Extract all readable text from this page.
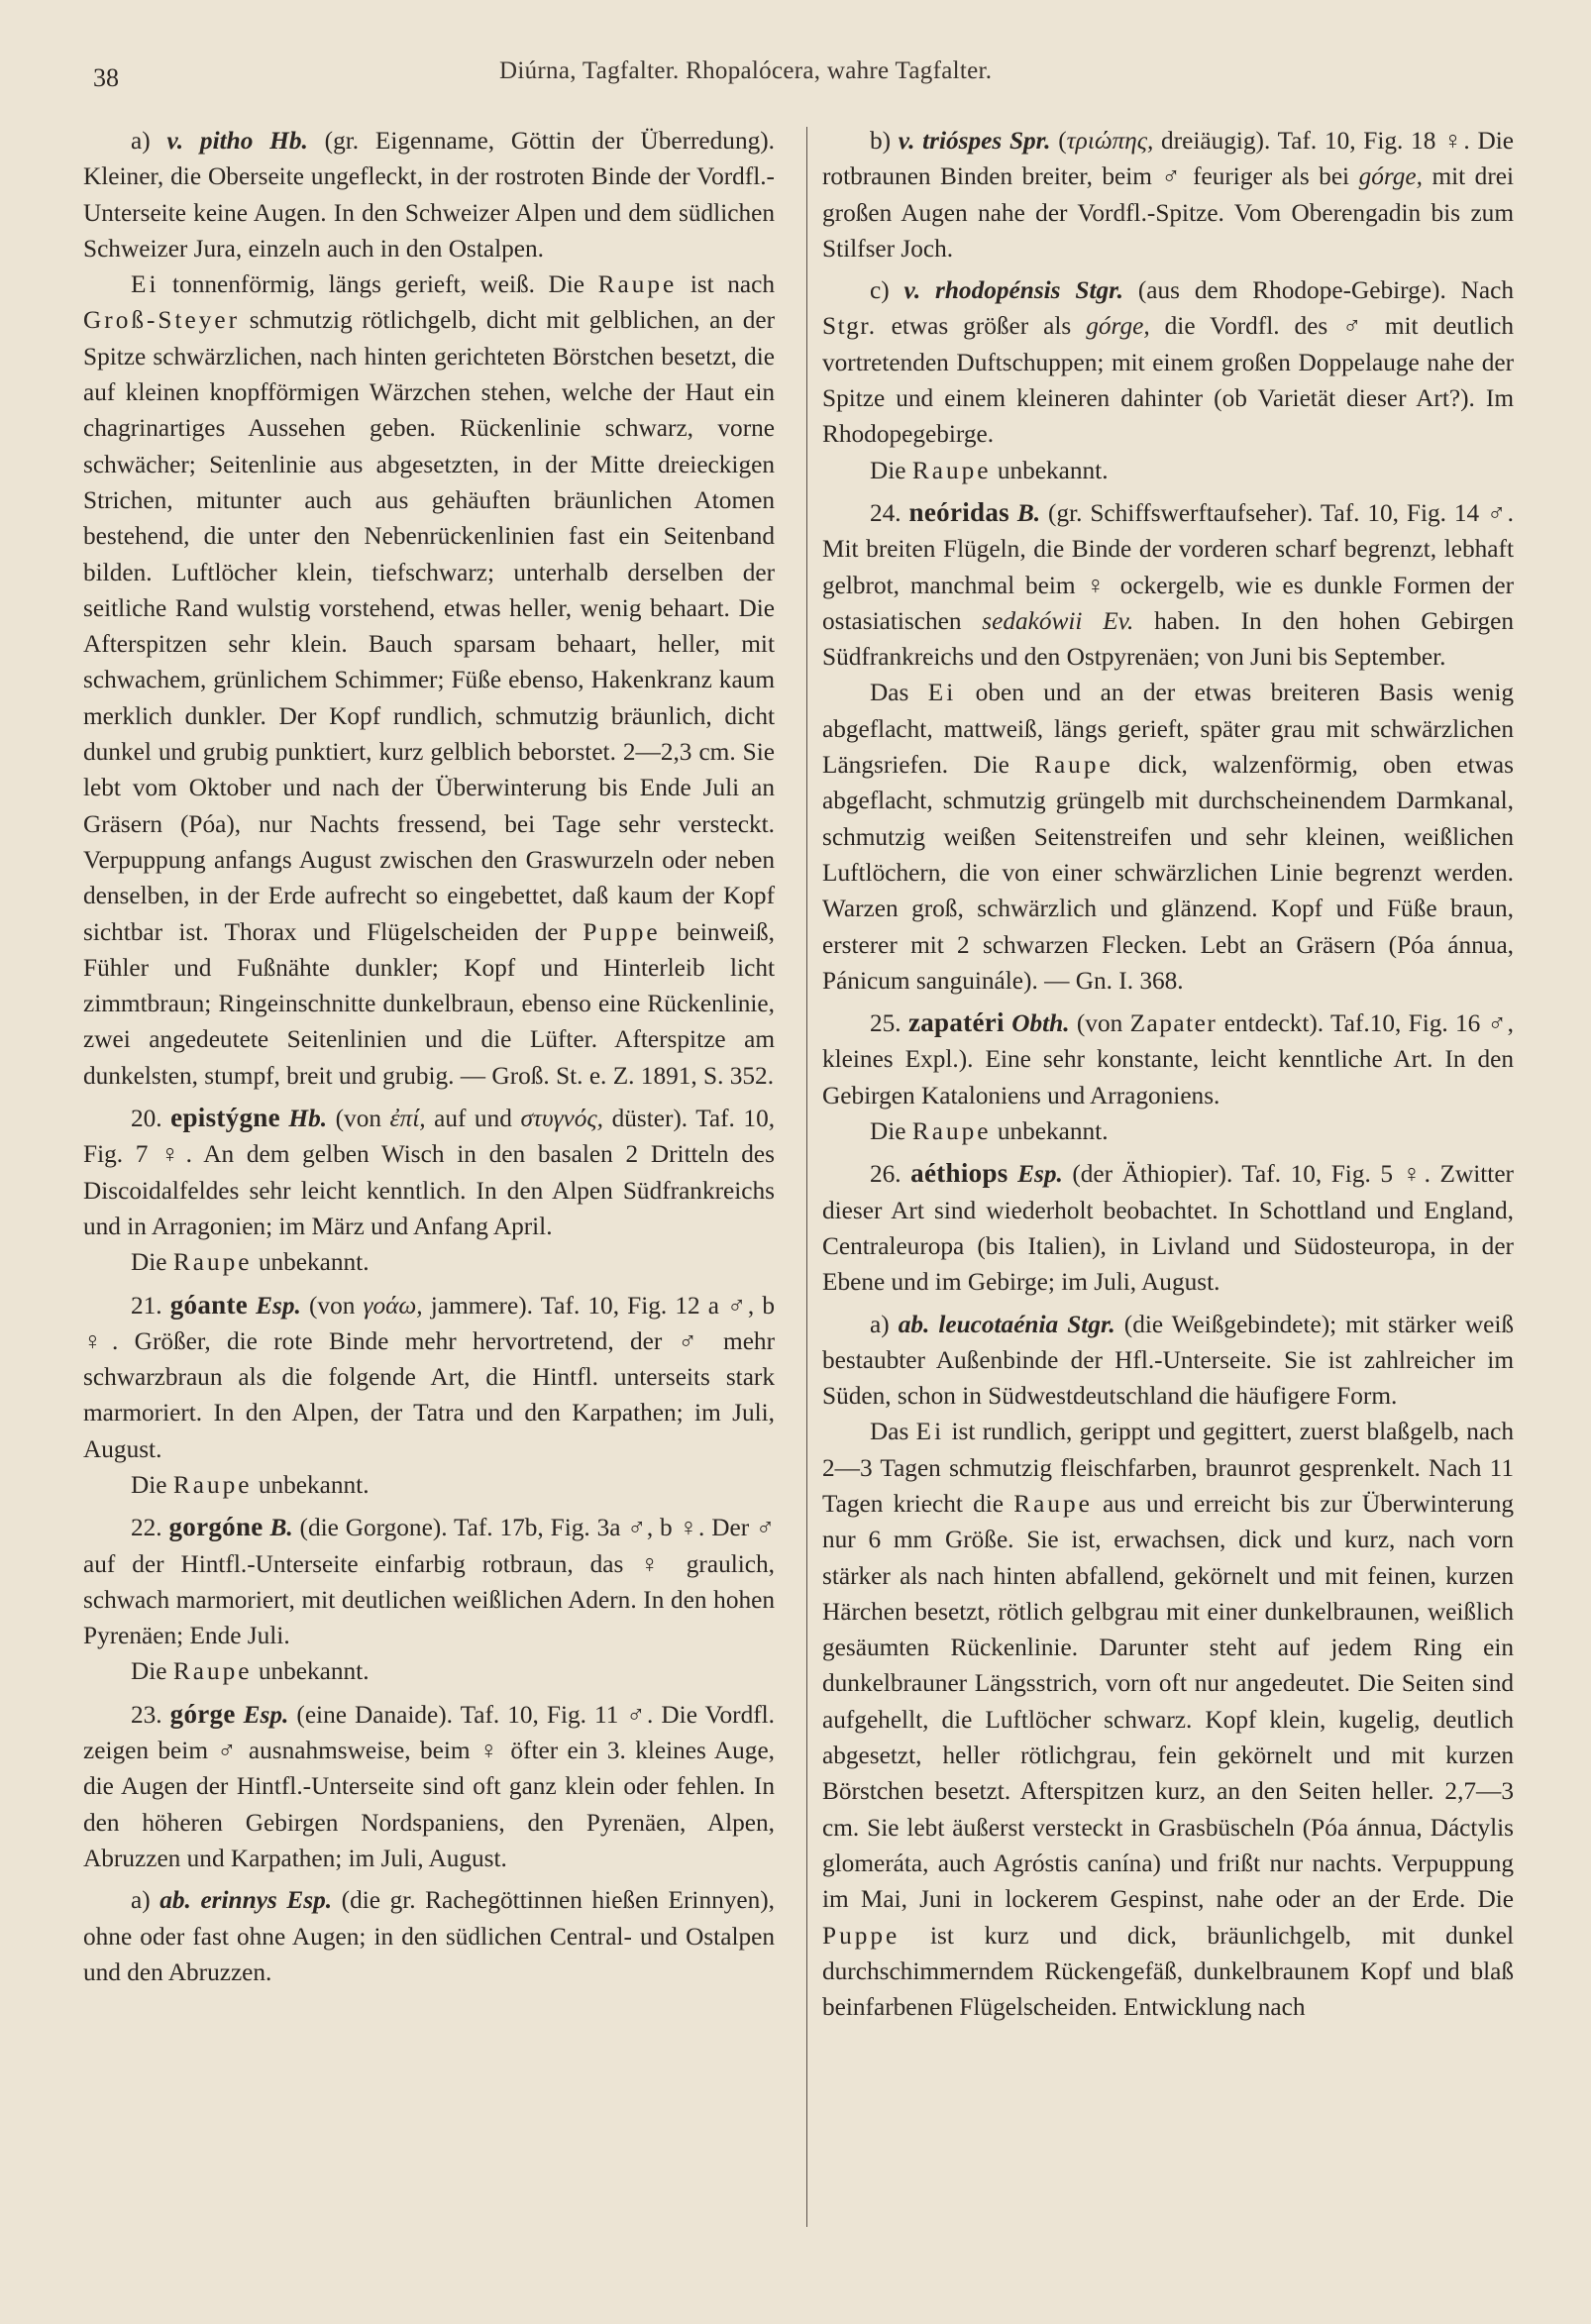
38	Diúrna, Tagfalter. Rhopalócera, wahre Tagfalter.

a) v. pitho Hb. (gr. Eigenname, Göttin der Überredung). Kleiner, die Oberseite ungefleckt, in der rostroten Binde der Vordfl.-Unterseite keine Augen. In den Schweizer Alpen und dem südlichen Schweizer Jura, einzeln auch in den Ostalpen.

Ei tonnenförmig, längs gerieft, weiß. Die Raupe ist nach Groß-Steyer schmutzig rötlichgelb, dicht mit gelblichen, an der Spitze schwärzlichen, nach hinten gerichteten Börstchen besetzt, die auf kleinen knopfförmigen Wärzchen stehen, welche der Haut ein chagrinartiges Aussehen geben. Rückenlinie schwarz, vorne schwächer; Seitenlinie aus abgesetzten, in der Mitte dreieckigen Strichen, mitunter auch aus gehäuften bräunlichen Atomen bestehend, die unter den Nebenrückenlinien fast ein Seitenband bilden. Luftlöcher klein, tiefschwarz; unterhalb derselben der seitliche Rand wulstig vorstehend, etwas heller, wenig behaart. Die Afterspitzen sehr klein. Bauch sparsam behaart, heller, mit schwachem, grünlichem Schimmer; Füße ebenso, Hakenkranz kaum merklich dunkler. Der Kopf rundlich, schmutzig bräunlich, dicht dunkel und grubig punktiert, kurz gelblich beborstet. 2—2,3 cm. Sie lebt vom Oktober und nach der Überwinterung bis Ende Juli an Gräsern (Póa), nur Nachts fressend, bei Tage sehr versteckt. Verpuppung anfangs August zwischen den Graswurzeln oder neben denselben, in der Erde aufrecht so eingebettet, daß kaum der Kopf sichtbar ist. Thorax und Flügelscheiden der Puppe beinweiß, Fühler und Fußnähte dunkler; Kopf und Hinterleib licht zimmtbraun; Ringeinschnitte dunkelbraun, ebenso eine Rückenlinie, zwei angedeutete Seitenlinien und die Lüfter. Afterspitze am dunkelsten, stumpf, breit und grubig. — Groß. St. e. Z. 1891, S. 352.

20. epistýgne Hb. (von ἐπί, auf und στυγνός, düster). Taf. 10, Fig. 7 ♀. An dem gelben Wisch in den basalen 2 Dritteln des Discoidalfeldes sehr leicht kenntlich. In den Alpen Südfrankreichs und in Arragonien; im März und Anfang April.

Die Raupe unbekannt.

21. góante Esp. (von γοάω, jammere). Taf. 10, Fig. 12 a ♂, b ♀. Größer, die rote Binde mehr hervortretend, der ♂ mehr schwarzbraun als die folgende Art, die Hintfl. unterseits stark marmoriert. In den Alpen, der Tatra und den Karpathen; im Juli, August.

Die Raupe unbekannt.

22. gorgóne B. (die Gorgone). Taf. 17b, Fig. 3a ♂, b ♀. Der ♂ auf der Hintfl.-Unterseite einfarbig rotbraun, das ♀ graulich, schwach marmoriert, mit deutlichen weißlichen Adern. In den hohen Pyrenäen; Ende Juli.

Die Raupe unbekannt.

23. górge Esp. (eine Danaide). Taf. 10, Fig. 11 ♂. Die Vordfl. zeigen beim ♂ ausnahmsweise, beim ♀ öfter ein 3. kleines Auge, die Augen der Hintfl.-Unterseite sind oft ganz klein oder fehlen. In den höheren Gebirgen Nordspaniens, den Pyrenäen, Alpen, Abruzzen und Karpathen; im Juli, August.

a) ab. erinnys Esp. (die gr. Rachegöttinnen hießen Erinnyen), ohne oder fast ohne Augen; in den südlichen Central- und Ostalpen und den Abruzzen.

b) v. trióspes Spr. (τριώπης, dreiäugig). Taf. 10, Fig. 18 ♀. Die rotbraunen Binden breiter, beim ♂ feuriger als bei górge, mit drei großen Augen nahe der Vordfl.-Spitze. Vom Oberengadin bis zum Stilfser Joch.

c) v. rhodopénsis Stgr. (aus dem Rhodope-Gebirge). Nach Stgr. etwas größer als górge, die Vordfl. des ♂ mit deutlich vortretenden Duftschuppen; mit einem großen Doppelauge nahe der Spitze und einem kleineren dahinter (ob Varietät dieser Art?). Im Rhodopegebirge.

Die Raupe unbekannt.

24. neóridas B. (gr. Schiffswerftaufseher). Taf. 10, Fig. 14 ♂. Mit breiten Flügeln, die Binde der vorderen scharf begrenzt, lebhaft gelbrot, manchmal beim ♀ ockergelb, wie es dunkle Formen der ostasiatischen sedakówii Ev. haben. In den hohen Gebirgen Südfrankreichs und den Ostpyrenäen; von Juni bis September.

Das Ei oben und an der etwas breiteren Basis wenig abgeflacht, mattweiß, längs gerieft, später grau mit schwärzlichen Längsriefen. Die Raupe dick, walzenförmig, oben etwas abgeflacht, schmutzig grüngelb mit durchscheinendem Darmkanal, schmutzig weißen Seitenstreifen und sehr kleinen, weißlichen Luftlöchern, die von einer schwärzlichen Linie begrenzt werden. Warzen groß, schwärzlich und glänzend. Kopf und Füße braun, ersterer mit 2 schwarzen Flecken. Lebt an Gräsern (Póa ánnua, Pánicum sanguinále). — Gn. I. 368.

25. zapatéri Obth. (von Zapater entdeckt). Taf.10, Fig. 16 ♂, kleines Expl.). Eine sehr konstante, leicht kenntliche Art. In den Gebirgen Kataloniens und Arragoniens.

Die Raupe unbekannt.

26. aéthiops Esp. (der Äthiopier). Taf. 10, Fig. 5 ♀. Zwitter dieser Art sind wiederholt beobachtet. In Schottland und England, Centraleuropa (bis Italien), in Livland und Südosteuropa, in der Ebene und im Gebirge; im Juli, August.

a) ab. leucotaénia Stgr. (die Weißgebindete); mit stärker weiß bestaubter Außenbinde der Hfl.-Unterseite. Sie ist zahlreicher im Süden, schon in Südwestdeutschland die häufigere Form.

Das Ei ist rundlich, gerippt und gegittert, zuerst blaßgelb, nach 2—3 Tagen schmutzig fleischfarben, braunrot gesprenkelt. Nach 11 Tagen kriecht die Raupe aus und erreicht bis zur Überwinterung nur 6 mm Größe. Sie ist, erwachsen, dick und kurz, nach vorn stärker als nach hinten abfallend, gekörnelt und mit feinen, kurzen Härchen besetzt, rötlich gelbgrau mit einer dunkelbraunen, weißlich gesäumten Rückenlinie. Darunter steht auf jedem Ring ein dunkelbrauner Längsstrich, vorn oft nur angedeutet. Die Seiten sind aufgehellt, die Luftlöcher schwarz. Kopf klein, kugelig, deutlich abgesetzt, heller rötlichgrau, fein gekörnelt und mit kurzen Börstchen besetzt. Afterspitzen kurz, an den Seiten heller. 2,7—3 cm. Sie lebt äußerst versteckt in Grasbüscheln (Póa ánnua, Dáctylis glomeráta, auch Agróstis canína) und frißt nur nachts. Verpuppung im Mai, Juni in lockerem Gespinst, nahe oder an der Erde. Die Puppe ist kurz und dick, bräunlichgelb, mit dunkel durchschimmerndem Rückengefäß, dunkelbraunem Kopf und blaß beinfarbenen Flügelscheiden. Entwicklung nach
